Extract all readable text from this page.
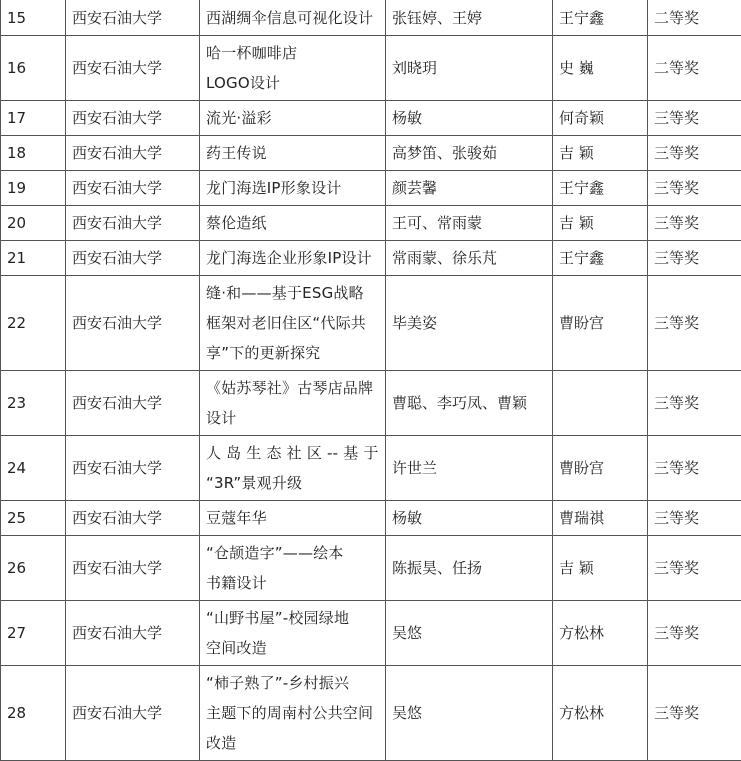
15	西安石油大学	西湖绸伞信息可视化设计	张钰婷、王婷	王宁鑫	二等奖
16	西安石油大学	哈一杯咖啡店
LOGO设计	刘晓玥	史 巍	二等奖
17	西安石油大学	流光·溢彩	杨敏	何奇颖	三等奖
18	西安石油大学	药王传说	高梦笛、张骏茹	吉 颖	三等奖
19	西安石油大学	龙门海选IP形象设计	颜芸馨	王宁鑫	三等奖
20	西安石油大学	蔡伦造纸	王可、常雨蒙	吉 颖	三等奖
21	西安石油大学	龙门海选企业形象IP设计	常雨蒙、徐乐芃	王宁鑫	三等奖
22	西安石油大学	缝·和——基于ESG战略
框架对老旧住区“代际共
享”下的更新探究	毕美姿	曹盼宫	三等奖
23	西安石油大学	《姑苏琴社》古琴店品牌
设计	曹聪、李巧凤、曹颖		三等奖
24	西安石油大学	人 岛 生 态 社 区 -- 基 于
“3R”景观升级	许世兰	曹盼宫	三等奖
25	西安石油大学	豆蔻年华	杨敏	曹瑞祺	三等奖
26	西安石油大学	“仓颉造字”——绘本
书籍设计	陈振昊、任扬	吉 颖	三等奖
27	西安石油大学	“山野书屋”-校园绿地
空间改造	吴悠	方松林	三等奖
28	西安石油大学	“柿子熟了”-乡村振兴
主题下的周南村公共空间
改造	吴悠	方松林	三等奖
